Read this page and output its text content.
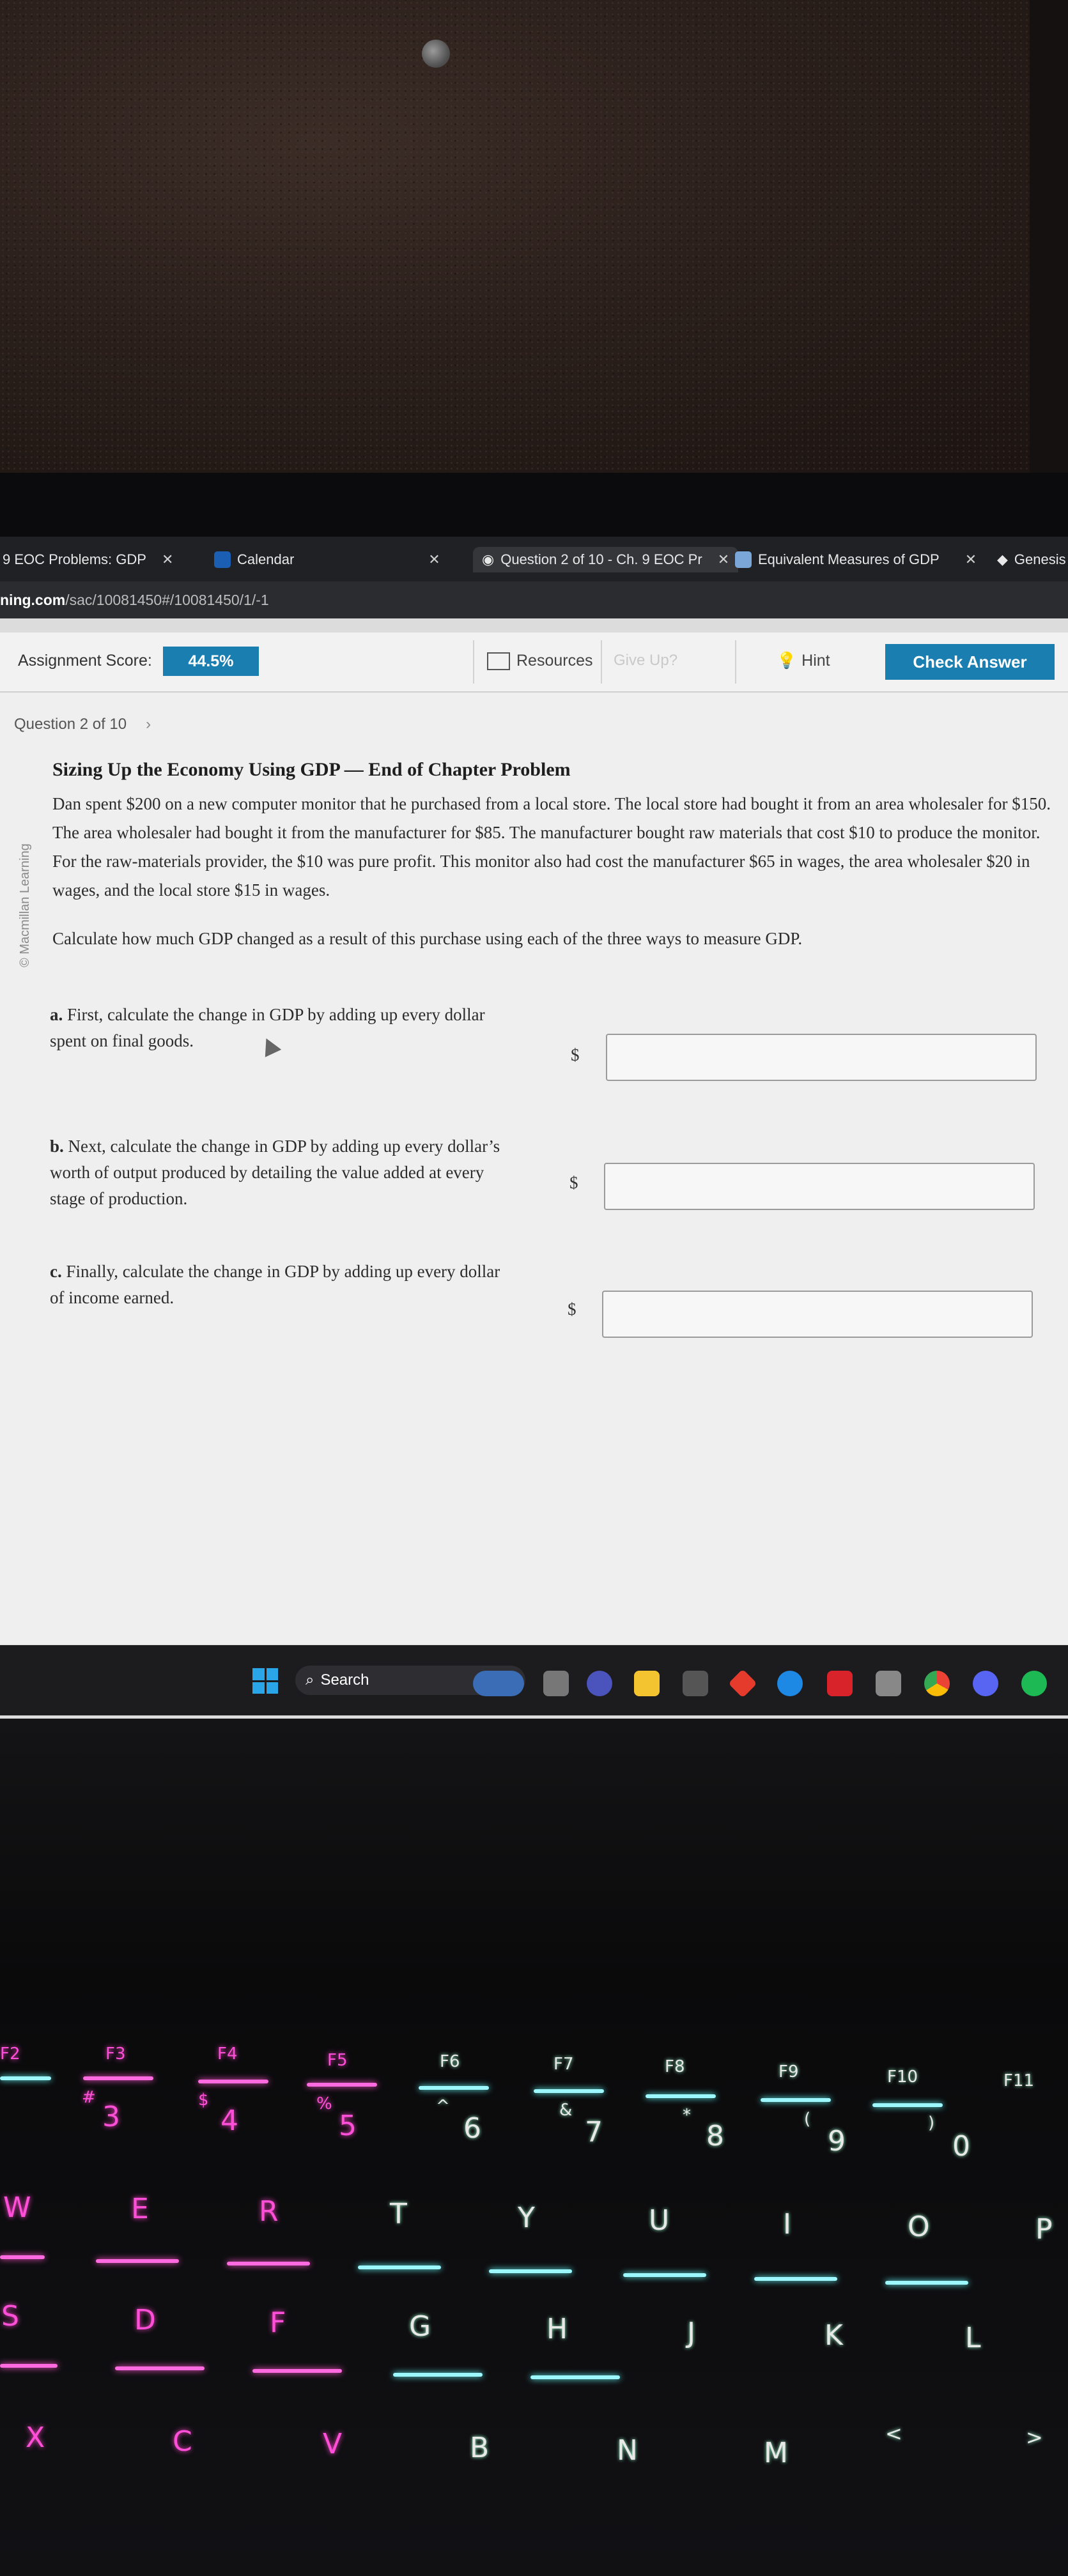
9 EOC Problems: GDP ✕	Calendar	✕	◉ Question 2 of 10 - Ch. 9 EOC Pr ✕ Equivalent Measures of GDP ✕ ◆ Genesis
ning.com /sac/10081450#/10081450/1/-1
Assignment Score:	44.5%	Resources Give Up?	💡 Hint	Check Answer
Question 2 of 10 ›
© Macmillan Learning
Sizing Up the Economy Using GDP — End of Chapter Problem
Dan spent $200 on a new computer monitor that he purchased from a local store. The local store had bought it from an area wholesaler for $150. The area wholesaler had bought it from the manufacturer for $85. The manufacturer bought raw materials that cost $10 to produce the monitor. For the raw-materials provider, the $10 was pure profit. This monitor also had cost the manufacturer $65 in wages, the area wholesaler $20 in wages, and the local store $15 in wages.
Calculate how much GDP changed as a result of this purchase using each of the three ways to measure GDP.
a. First, calculate the change in GDP by adding up every dollar spent on final goods.
$
b. Next, calculate the change in GDP by adding up every dollar’s worth of output produced by detailing the value added at every stage of production.
$
c. Finally, calculate the change in GDP by adding up every dollar of income earned.
$
⌕ Search
F2	F3	F4	F5	F6	F7	F8	F9	F10	F11
#	$	%	^	&	*	(	)
3	4	5	6	7	8	9	0
W	E	R	T	Y	U	I	O	P
S	D	F	G	H	J	K	L
X	C	V	B	N	M
<	>
